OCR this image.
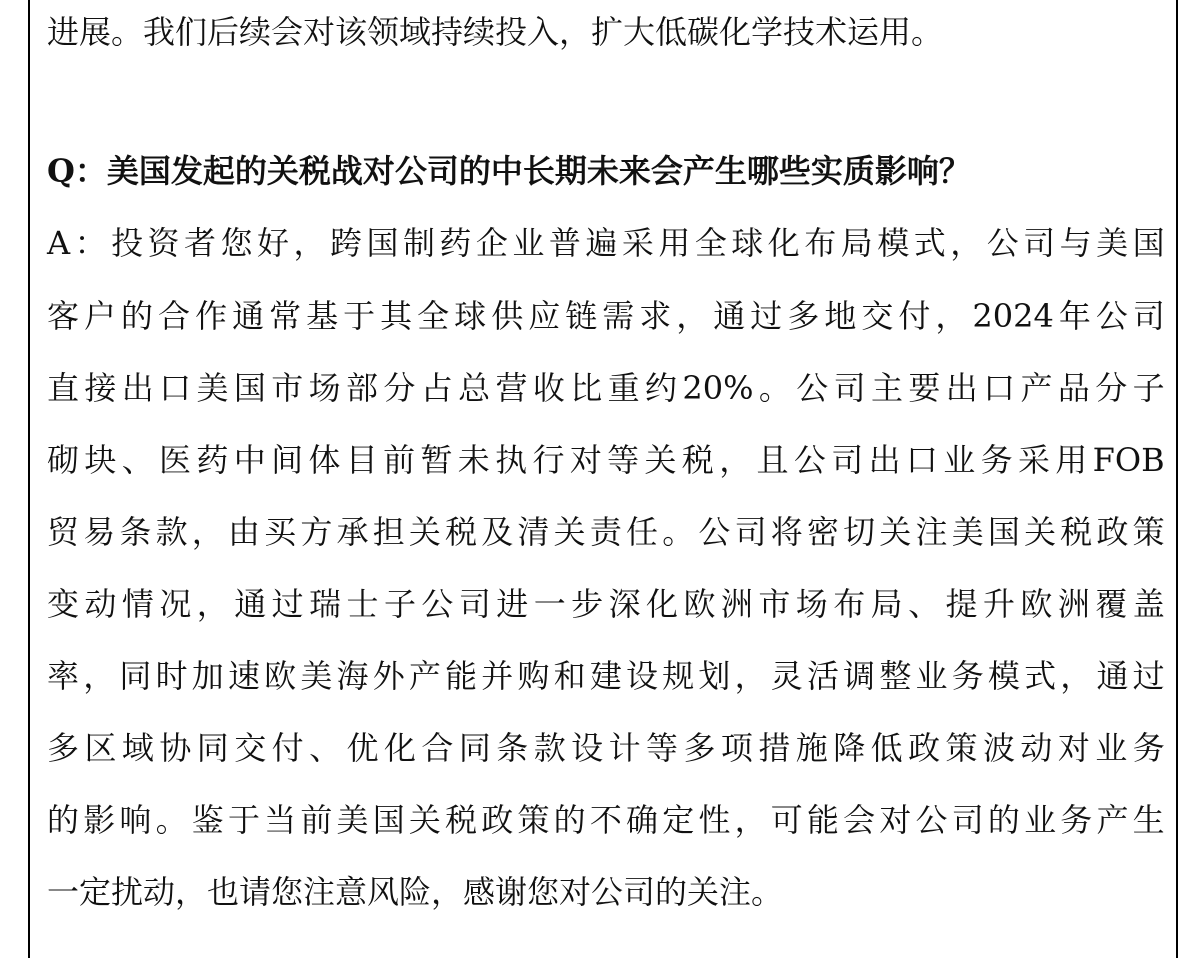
进展。我们后续会对该领域持续投入，扩大低碳化学技术运用。
Q：美国发起的关税战对公司的中长期未来会产生哪些实质影响？
A ： 投 资 者 您 好 ， 跨 国 制 药 企 业 普 遍 采 用 全 球 化 布 局 模 式 ， 公 司 与 美 国
客 户 的 合 作 通 常 基 于 其 全 球 供 应 链 需 求 ， 通 过 多 地 交 付 ， 2024 年 公 司
直 接 出 口 美 国 市 场 部 分 占 总 营 收 比 重 约 20% 。 公 司 主 要 出 口 产 品 分 子
砌 块 、 医 药 中 间 体 目 前 暂 未 执 行 对 等 关 税 ， 且 公 司 出 口 业 务 采 用 FOB
贸 易 条 款 ， 由 买 方 承 担 关 税 及 清 关 责 任 。 公 司 将 密 切 关 注 美 国 关 税 政 策
变 动 情 况 ， 通 过 瑞 士 子 公 司 进 一 步 深 化 欧 洲 市 场 布 局 、 提 升 欧 洲 覆 盖
率 ， 同 时 加 速 欧 美 海 外 产 能 并 购 和 建 设 规 划 ， 灵 活 调 整 业 务 模 式 ， 通 过
多 区 域 协 同 交 付 、 优 化 合 同 条 款 设 计 等 多 项 措 施 降 低 政 策 波 动 对 业 务
的 影 响 。 鉴 于 当 前 美 国 关 税 政 策 的 不 确 定 性 ， 可 能 会 对 公 司 的 业 务 产 生
一定扰动，也请您注意风险，感谢您对公司的关注。
